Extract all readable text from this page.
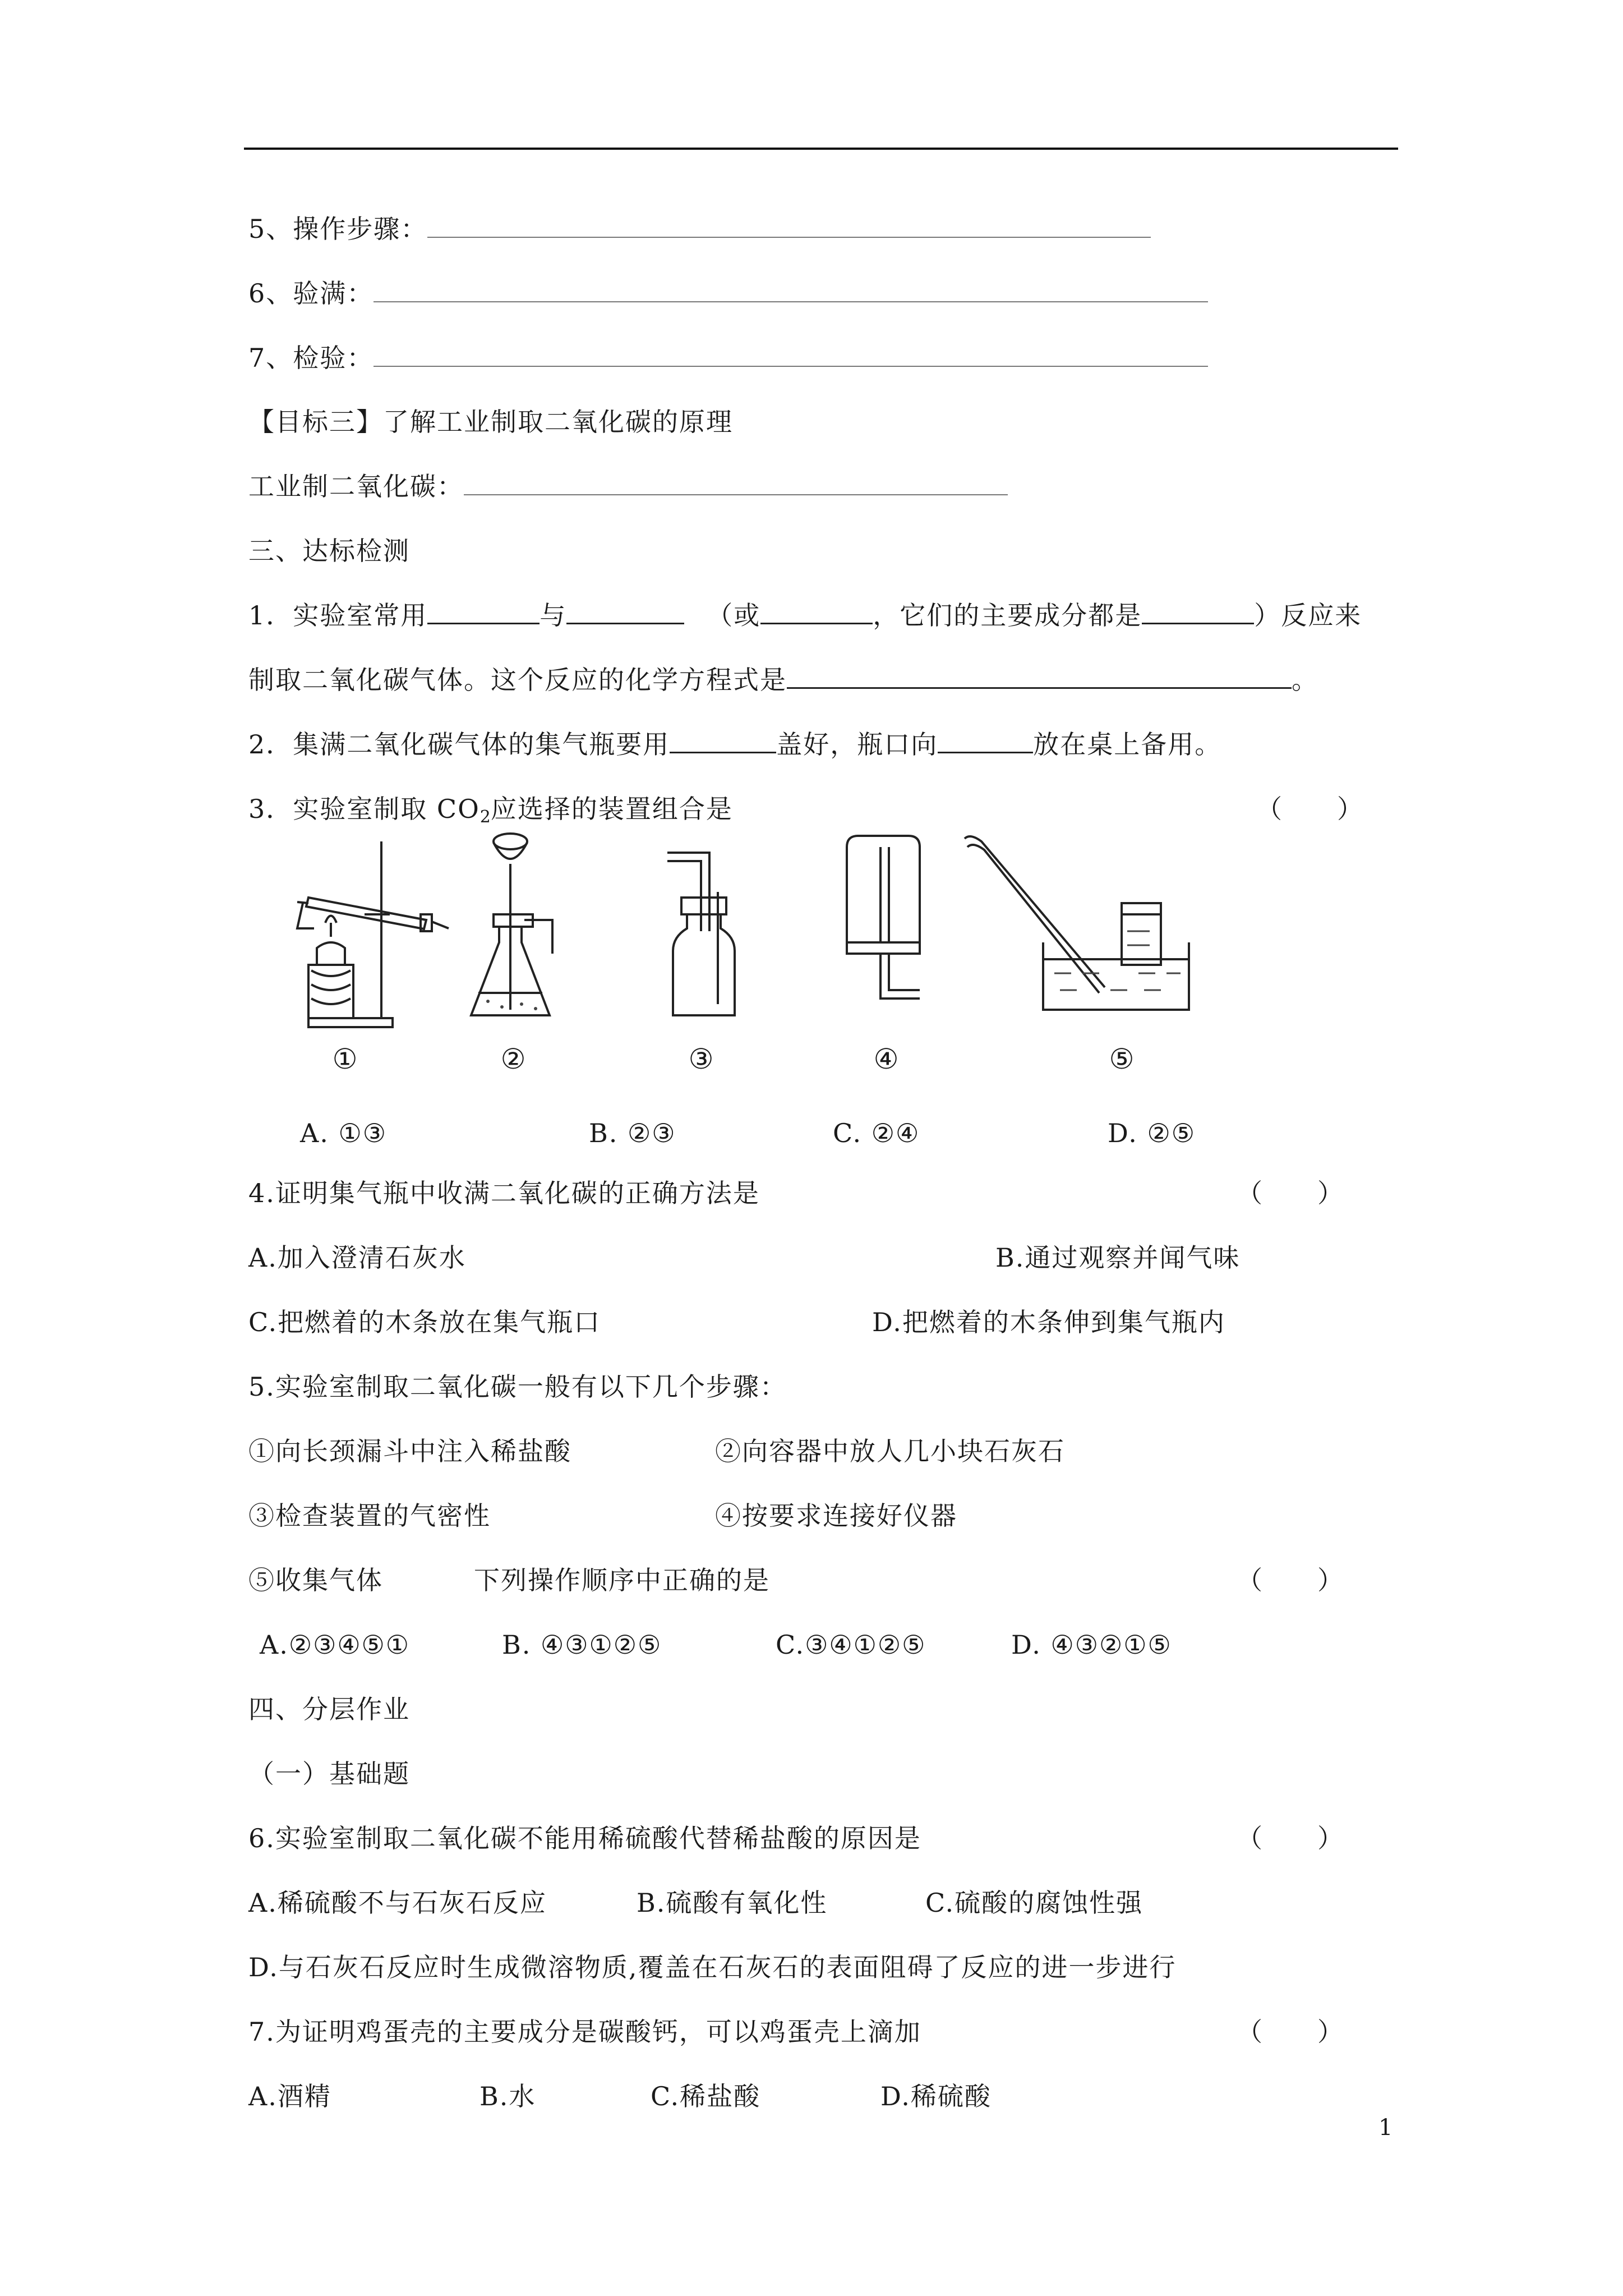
5、操作步骤：
6、验满：
7、检验：
【目标三】了解工业制取二氧化碳的原理
工业制二氧化碳：
三、达标检测
1．实验室常用	与	（或	，它们的主要成分都是	）反应来
制取二氧化碳气体。这个反应的化学方程式是	。
2．集满二氧化碳气体的集气瓶要用	盖好，瓶口向	放在桌上备用。
3．实验室制取 $CO_2$应选择的装置组合是	（　　）
①	②	③	④	⑤
A. ①③	B. ②③	C. ②④	D. ②⑤
4.证明集气瓶中收满二氧化碳的正确方法是	（　　）
A.加入澄清石灰水	B.通过观察并闻气味
C.把燃着的木条放在集气瓶口	D.把燃着的木条伸到集气瓶内
5.实验室制取二氧化碳一般有以下几个步骤：
①向长颈漏斗中注入稀盐酸	②向容器中放人几小块石灰石
③检查装置的气密性	④按要求连接好仪器
⑤收集气体	下列操作顺序中正确的是	（　　）
A.②③④⑤①	B. ④③①②⑤	C.③④①②⑤	D. ④③②①⑤
四、分层作业
（一）基础题
6.实验室制取二氧化碳不能用稀硫酸代替稀盐酸的原因是	（　　）
A.稀硫酸不与石灰石反应	B.硫酸有氧化性	C.硫酸的腐蚀性强
D.与石灰石反应时生成微溶物质,覆盖在石灰石的表面阻碍了反应的进一步进行
7.为证明鸡蛋壳的主要成分是碳酸钙，可以鸡蛋壳上滴加	（　　）
A.酒精	B.水	C.稀盐酸	D.稀硫酸
1
